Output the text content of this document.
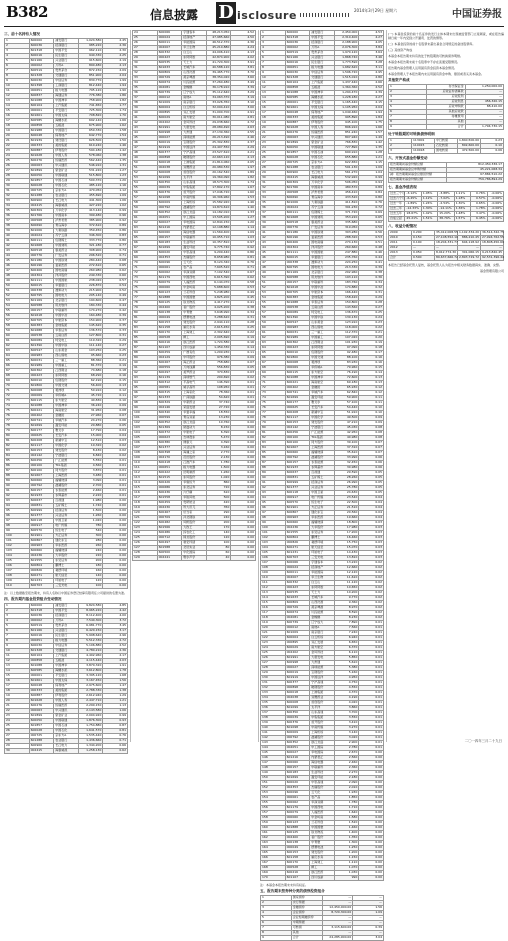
B382	信息披露 D isclosure	2014年3月29日 星期六	中国证券报
三、前十名持有人情况
1	600000	浦发银行	1,024,580	2.45
2	600036	招商银行	985,220	2.36
3	601318	中国平安	962,110	2.30
4	600016	民生银行	940,330	2.25
5	601166	兴业银行	915,600	2.19
6	000002	万科A	890,480	2.13
7	600519	贵州茅台	872,150	2.09
8	601328	交通银行	851,900	2.04
9	600030	中信证券	830,770	1.99
10	601398	工商银行	812,440	1.94
11	000651	格力电器	795,120	1.90
12	600837	海通证券	776,380	1.86
13	601088	中国神华	758,900	1.82
14	600104	上汽集团	741,650	1.77
15	000001	平安银行	725,300	1.74
16	601601	中国太保	708,820	1.70
17	600585	海螺水泥	692,140	1.66
18	000858	五粮液	675,900	1.62
19	601988	中国银行	659,330	1.58
20	600048	保利地产	642,770	1.54
21	601939	建设银行	626,500	1.50
22	000333	美的集团	610,240	1.46
23	600887	伊利股份	594,180	1.42
24	601628	中国人寿	578,060	1.38
25	600276	恒瑞医药	562,440	1.35
26	000063	中兴通讯	546,910	1.31
27	601899	紫金矿业	531,220	1.27
28	600050	中国联通	515,800	1.23
29	601857	中国石油	500,370	1.20
30	600028	中国石化	485,120	1.16
31	000725	京东方A	470,050	1.12
32	601288	农业银行	455,690	1.09
33	600900	长江电力	441,300	1.06
34	002415	海康威视	427,220	1.02
35	600309	万华化学	413,140	0.99
36	601766	中国南车	399,480	0.96
37	000568	泸州老窖	385,900	0.92
38	600690	青岛海尔	372,610	0.89
39	601006	大秦铁路	359,450	0.86
40	002024	苏宁云商	346,300	0.83
41	600111	包钢稀土	333,770	0.80
42	601668	中国建筑	321,180	0.77
43	600518	康美药业	308,900	0.74
44	000776	广发证券	296,520	0.71
45	601186	中国铁建	284,440	0.68
46	600196	复星医药	272,610	0.65
47	600406	国电南瑞	260,980	0.62
48	002304	洋河股份	249,330	0.60
49	601111	中国国航	238,020	0.57
50	600015	华夏银行	226,870	0.54
51	000338	潍柴动力	215,900	0.52
52	600795	国电电力	205,140	0.49
53	601169	北京银行	194,600	0.47
54	600588	用友软件	184,330	0.44
55	000157	中联重科	174,270	0.42
56	601618	中国中冶	164,480	0.39
57	600705	中航资本	154,900	0.37
58	600383	金地集团	145,620	0.35
59	601688	华泰证券	136,570	0.33
60	000538	云南白药	127,800	0.31
61	600089	特变电工	119,320	0.29
62	601390	中国中铁	111,140	0.27
63	600547	山东黄金	103,250	0.25
64	000983	西山煤电	95,660	0.23
65	600031	三一重工	88,360	0.21
66	601989	中国重工	81,370	0.19
67	600362	江西铜业	74,680	0.18
68	000423	东阿阿胶	68,290	0.16
69	600010	包钢股份	62,190	0.15
70	601800	中国交建	56,400	0.13
71	600068	葛洲坝	50,910	0.12
72	000069	华侨城A	45,720	0.11
73	600115	东方航空	40,830	0.10
74	601088	中国神华	36,240	0.09
75	600221	海南航空	31,950	0.08
76	000402	金融街	27,960	0.07
77	600741	华域汽车	24,270	0.06
78	601699	潞安环能	20,880	0.05
79	600177	雅戈尔	17,790	0.04
80	000625	长安汽车	15,000	0.04
81	600208	新湖中宝	12,510	0.03
82	601117	中国化学	10,320	0.02
83	600153	建发股份	8,430	0.02
84	002142	宁波银行	6,840	0.02
85	600256	广汇能源	5,550	0.01
86	000100	TCL集团	4,560	0.01
87	600100	同方股份	3,870	0.01
88	601607	上海医药	3,480	0.01
89	600660	福耀玻璃	3,090	0.01
90	000792	盐湖股份	2,700	0.01
91	600157	永泰能源	2,460	0.01
92	601933	永辉超市	2,220	0.01
93	600637	百视通	1,980	0.00
94	000831	五矿稀土	1,740	0.00
95	600999	招商证券	1,500	0.00
96	601377	兴业证券	1,260	0.00
97	600118	中国卫星	1,020	0.00
98	000917	电广传媒	780	0.00
99	600570	恒生电子	540	0.00
100	601901	方正证券	300	0.00
101	600867	通化东宝	280	0.00
102	000963	华东医药	260	0.00
103	600660	福耀玻璃	240	0.00
104	002236	大华股份	220	0.00
105	601555	东吴证券	200	0.00
106	600804	鹏博士	180	0.00
107	000826	桑德环境	160	0.00
108	600271	航天信息	140	0.00
109	601231	环旭电子	120	0.00
110	600703	三安光电	100	0.00
注：以上数据截至报告期末，持有人名称以中国证券登记结算有限责任公司提供的名册为准。
四、报告期内基金投资组合变动情况
1	600000	浦发银行	9,824,580	4.85
2	601318	中国平安	8,965,220	4.42
3	600036	招商银行	8,112,400	4.00
4	000002	万科A	7,540,300	3.72
5	600519	贵州茅台	6,981,770	3.45
6	601166	兴业银行	6,420,150	3.17
7	600016	民生银行	5,998,640	2.96
8	000651	格力电器	5,512,330	2.72
9	600030	中信证券	5,106,880	2.52
10	601328	交通银行	4,780,210	2.36
11	600104	上汽集团	4,402,960	2.17
12	000858	五粮液	4,115,440	2.03
13	601088	中国神华	3,870,320	1.91
14	600585	海螺水泥	3,612,800	1.78
15	000001	平安银行	3,395,120	1.68
16	601601	中国太保	3,167,450	1.56
17	600048	保利地产	2,975,600	1.47
18	000333	美的集团	2,788,330	1.38
19	600887	伊利股份	2,612,940	1.29
20	601628	中国人寿	2,447,710	1.21
21	600276	恒瑞医药	2,290,150	1.13
22	000063	中兴通讯	2,143,580	1.06
23	601899	紫金矿业	2,004,920	0.99
24	600050	中国联通	1,876,300	0.93
25	601857	中国石油	1,754,880	0.87
26	600028	中国石化	1,641,570	0.81
27	000725	京东方A	1,535,440	0.76
28	601288	农业银行	1,436,660	0.71
29	600900	长江电力	1,344,200	0.66
30	002415	海康威视	1,258,130	0.62
24	600066	宇通客车	48,213,050	4.52
25	000024	招商地产	47,985,660	4.50
26	600011	华能国际	46,512,370	4.36
27	002007	华兰生物	45,210,880	4.24
28	600332	白云山	44,006,410	4.13
29	000423	东阿阿胶	42,874,900	4.02
30	600535	天士力	41,720,300	3.91
31	601633	长城汽车	40,588,120	3.81
32	600809	山西汾酒	39,465,770	3.70
33	000729	燕京啤酒	38,354,020	3.60
34	600674	川投能源	37,260,480	3.49
35	002081	金螳螂	36,178,910	3.39
36	600739	辽宁成大	35,112,640	3.29
37	000012	南玻A	34,063,370	3.19
38	601009	南京银行	33,026,350	3.10
39	600004	白云机场	32,004,410	3.00
40	000895	双汇发展	31,000,700	2.91
41	600029	南方航空	30,011,080	2.81
42	002202	金风科技	29,038,660	2.72
43	601991	大唐发电	28,080,490	2.63
44	600998	九州通	27,139,360	2.55
45	000027	深圳能源	26,213,490	2.46
46	600019	宝钢股份	25,302,830	2.37
47	601919	中国远洋	24,407,550	2.29
48	600377	宁沪高速	23,527,610	2.21
49	000898	鞍钢股份	22,663,120	2.13
50	600018	上港集团	21,814,060	2.05
51	002038	双鹭药业	20,980,530	1.97
52	600008	首创股份	20,162,540	1.89
53	601099	太平洋	19,360,090	1.82
54	600350	山东高速	18,573,300	1.74
55	000039	中集集团	17,802,170	1.67
56	600376	首开股份	17,046,720	1.60
57	601098	中南传媒	16,306,960	1.53
58	600009	上海机场	15,582,920	1.46
59	000792	盐湖股份	14,874,610	1.40
60	600352	浙江龙盛	14,182,010	1.33
61	002051	中工国际	13,505,200	1.27
62	600027	华电国际	12,844,150	1.20
63	601216	内蒙君正	12,198,880	1.14
64	600060	海信电器	11,569,400	1.09
65	000157	中联重科	10,955,710	1.03
66	600183	生益科技	10,357,810	0.97
67	601699	潞安环能	9,775,740	0.92
68	600020	中原高速	9,209,440	0.86
69	002353	杰瑞股份	8,658,980	0.81
70	600096	云天化	8,124,340	0.76
71	000061	农产品	7,605,520	0.71
72	600062	华润双鹤	7,102,540	0.67
73	601179	中国西电	6,615,390	0.62
74	600079	人福医药	6,144,070	0.58
75	000060	中金岭南	5,688,600	0.53
76	600123	兰花科创	5,248,980	0.49
77	601888	中国国旅	4,825,200	0.45
78	600125	铁龙物流	4,417,270	0.41
79	002400	省广股份	4,025,200	0.38
80	600138	中青旅	3,648,990	0.34
81	000049	德赛电池	3,288,620	0.31
82	600153	建发股份	2,944,110	0.28
83	601158	重庆水务	2,615,450	0.25
84	600170	上海建工	2,302,640	0.22
85	000528	柳工	2,005,690	0.19
86	600216	浙江医药	1,724,580	0.16
87	601107	四川成渝	1,459,330	0.14
88	600259	广晟有色	1,209,930	0.11
89	002129	中环股份	976,380	0.09
90	600267	海正药业	758,680	0.07
91	000559	万向钱潮	556,830	0.05
92	600297	美罗药业	370,830	0.03
93	601139	深圳燃气	200,690	0.02
94	600312	平高电气	146,390	0.01
95	000581	威孚高科	108,950	0.01
96	600315	上海家化	78,360	0.01
97	601333	广深铁路	54,620	0.01
98	600329	中新药业	37,740	0.00
99	002146	荣盛发展	27,720	0.00
100	600340	华夏幸福	18,550	0.00
101	000599	青岛双星	13,230	0.00
102	600352	浙江龙盛	10,760	0.00
103	601369	陕鼓动力	8,150	0.00
104	600372	中航电子	6,390	0.00
105	000623	吉林敖东	5,470	0.00
106	600380	健康元	4,390	0.00
107	601377	兴业证券	3,160	0.00
108	600398	海澜之家	2,770	0.00
109	002170	芭田股份	2,130	0.00
110	600418	江淮汽车	1,780	0.00
111	000651	格力电器	1,500	0.00
112	600422	昆明制药	1,260	0.00
113	601515	东风股份	1,020	0.00
114	600426	华鲁恒升	860	0.00
115	000686	东北证券	720	0.00
116	600436	片仔癀	610	0.00
117	601558	华锐风电	500	0.00
118	600459	贵研铂业	420	0.00
119	002230	科大讯飞	350	0.00
120	600467	好当家	290	0.00
121	000709	河北钢铁	240	0.00
122	600482	风帆股份	200	0.00
123	601566	九牧王	170	0.00
124	600486	扬农化工	140	0.00
125	000712	锦龙股份	120	0.00
126	600497	驰宏锌锗	100	0.00
127	601588	北辰实业	80	0.00
128	600500	中化国际	60	0.00
129	002241	歌尔声学	40	0.00
1	600000	浦发银行	2,450,000	4.53
2	601318	中国平安	2,310,400	4.27
3	600036	招商银行	2,188,900	4.05
4	000002	万科A	2,076,300	3.84
5	600519	贵州茅台	1,970,120	3.64
6	601166	兴业银行	1,868,740	3.46
7	600016	民生银行	1,773,590	3.28
8	000651	格力电器	1,682,620	3.11
9	600030	中信证券	1,596,720	2.95
10	601328	交通银行	1,515,010	2.80
11	600104	上汽集团	1,437,440	2.66
12	000858	五粮液	1,364,360	2.52
13	601088	中国神华	1,294,470	2.39
14	600585	海螺水泥	1,228,180	2.27
15	000001	平安银行	1,165,440	2.15
16	601601	中国太保	1,105,950	2.04
17	600048	保利地产	1,049,460	1.94
18	000333	美的集团	995,890	1.84
19	600887	伊利股份	945,100	1.75
20	601628	中国人寿	896,910	1.66
21	600276	恒瑞医药	851,240	1.57
22	000063	中兴通讯	807,940	1.49
23	601899	紫金矿业	766,830	1.42
24	600050	中国联通	727,890	1.35
25	601857	中国石油	690,910	1.28
26	600028	中国石化	655,880	1.21
27	000725	京东方A	622,650	1.15
28	601288	农业银行	591,130	1.09
29	600900	长江电力	561,270	1.04
30	002415	海康威视	532,920	0.99
31	600309	万华化学	506,050	0.94
32	601766	中国南车	480,570	0.89
33	000568	泸州老窖	456,410	0.84
34	600690	青岛海尔	433,520	0.80
35	601006	大秦铁路	411,810	0.76
36	002024	苏宁云商	391,230	0.72
37	600111	包钢稀土	371,720	0.69
38	601668	中国建筑	353,220	0.65
39	600518	康美药业	335,680	0.62
40	000776	广发证券	319,050	0.59
41	601186	中国铁建	303,280	0.56
42	600196	复星医药	288,320	0.53
43	600406	国电南瑞	274,130	0.51
44	002304	洋河股份	260,660	0.48
45	601111	中国国航	247,880	0.46
46	600015	华夏银行	235,760	0.44
47	000338	潍柴动力	224,250	0.41
48	600795	国电电力	213,330	0.39
49	601169	北京银行	202,960	0.38
50	600588	用友软件	193,110	0.36
51	000157	中联重科	183,760	0.34
52	601618	中国中冶	174,880	0.32
53	600705	中航资本	166,440	0.31
54	600383	金地集团	158,420	0.29
55	601688	华泰证券	150,800	0.28
56	000538	云南白药	143,560	0.27
57	600089	特变电工	136,670	0.25
58	601390	中国中铁	130,130	0.24
59	600547	山东黄金	123,910	0.23
60	000983	西山煤电	118,000	0.22
61	600031	三一重工	112,370	0.21
62	601989	中国重工	107,020	0.20
63	600362	江西铜业	101,930	0.19
64	000423	东阿阿胶	97,090	0.18
65	600010	包钢股份	92,480	0.17
66	601800	中国交建	88,100	0.16
67	600068	葛洲坝	83,930	0.16
68	000069	华侨城A	79,960	0.15
69	600115	东方航空	76,190	0.14
70	601088	中国神华	72,600	0.13
71	600221	海南航空	69,180	0.13
72	000402	金融街	65,930	0.12
73	600741	华域汽车	62,840	0.12
74	601699	潞安环能	59,900	0.11
75	600177	雅戈尔	57,100	0.11
76	000625	长安汽车	54,440	0.10
77	600208	新湖中宝	51,910	0.10
78	601117	中国化学	49,500	0.09
79	600153	建发股份	47,210	0.09
80	002142	宁波银行	45,030	0.08
81	600256	广汇能源	42,950	0.08
82	000100	TCL集团	40,980	0.08
83	600100	同方股份	39,100	0.07
84	601607	上海医药	37,310	0.07
85	600660	福耀玻璃	35,610	0.07
86	000792	盐湖股份	33,990	0.06
87	600157	永泰能源	32,450	0.06
88	601933	永辉超市	30,980	0.06
89	600637	百视通	29,590	0.05
90	000831	五矿稀土	28,260	0.05
91	600999	招商证券	26,990	0.05
92	601377	兴业证券	25,780	0.05
93	600118	中国卫星	24,630	0.05
94	000917	电广传媒	23,540	0.04
95	600570	恒生电子	22,500	0.04
96	601901	方正证券	21,510	0.04
97	600867	通化东宝	20,560	0.04
98	000963	华东医药	19,660	0.04
99	600660	福耀玻璃	18,800	0.03
100	002236	大华股份	17,980	0.03
101	601555	东吴证券	17,200	0.03
102	600804	鹏博士	16,460	0.03
103	000826	桑德环境	15,750	0.03
104	600271	航天信息	15,070	0.03
105	601231	环旭电子	14,430	0.03
106	600703	三安光电	13,810	0.03
107	600066	宇通客车	13,220	0.02
108	000024	招商地产	12,660	0.02
109	600011	华能国际	12,120	0.02
110	002007	华兰生物	11,610	0.02
111	600332	白云山	11,120	0.02
112	000423	东阿阿胶	10,650	0.02
113	600535	天士力	10,200	0.02
114	601633	长城汽车	9,770	0.02
115	600809	山西汾酒	9,360	0.02
116	000729	燕京啤酒	8,970	0.02
117	600674	川投能源	8,590	0.02
118	002081	金螳螂	8,230	0.02
119	600739	辽宁成大	7,890	0.01
120	000012	南玻A	7,560	0.01
121	601009	南京银行	7,240	0.01
122	600004	白云机场	6,940	0.01
123	000895	双汇发展	6,650	0.01
124	600029	南方航空	6,370	0.01
125	002202	金风科技	6,110	0.01
126	601991	大唐发电	5,850	0.01
127	600998	九州通	5,610	0.01
128	000027	深圳能源	5,380	0.01
129	600019	宝钢股份	5,160	0.01
130	601919	中国远洋	4,950	0.01
131	600377	宁沪高速	4,750	0.01
132	000898	鞍钢股份	4,550	0.01
133	600018	上港集团	4,370	0.01
134	002038	双鹭药业	4,190	0.01
135	600008	首创股份	4,020	0.01
136	601099	太平洋	3,860	0.01
137	600350	山东高速	3,700	0.01
138	000039	中集集团	3,550	0.01
139	600376	首开股份	3,410	0.01
140	601098	中南传媒	3,270	0.01
141	600009	上海机场	3,140	0.01
142	000792	盐湖股份	3,020	0.01
143	600352	浙江龙盛	2,900	0.01
144	002051	中工国际	2,780	0.01
145	600027	华电国际	2,670	0.00
146	601216	内蒙君正	2,560	0.00
147	600060	海信电器	2,460	0.00
148	000157	中联重科	2,360	0.00
149	600183	生益科技	2,270	0.00
150	601699	潞安环能	2,180	0.00
151	600020	中原高速	2,090	0.00
152	002353	杰瑞股份	2,010	0.00
153	600096	云天化	1,930	0.00
154	000061	农产品	1,850	0.00
155	600062	华润双鹤	1,780	0.00
156	601179	中国西电	1,710	0.00
157	600079	人福医药	1,640	0.00
158	000060	中金岭南	1,580	0.00
159	600123	兰花科创	1,520	0.00
160	601888	中国国旅	1,460	0.00
161	600125	铁龙物流	1,400	0.00
162	002400	省广股份	1,350	0.00
163	600138	中青旅	1,300	0.00
164	000049	德赛电池	1,250	0.00
165	600153	建发股份	1,200	0.00
166	601158	重庆水务	1,150	0.00
167	600170	上海建工	1,110	0.00
168	000528	柳工	1,070	0.00
169	600216	浙江医药	1,030	0.00
170	601107	四川成渝	990	0.00
注：本基金本报告期末未持有权证。
五、报告期末按券种分类的债券投资组合
1	国家债券	—	—
2	央行票据	—	—
3	金融债券	12,450,000.00	1.56
4	企业债券	8,720,300.00	1.09
5	企业短期融资券	—	—
6	中期票据	—	—
7	可转债	3,115,600.00	0.39
8	其他	—	—
9	合计	24,285,900.00	3.04
(一) 本基金投资的前十名证券的发行主体本期未出现被监管部门立案调查，或在报告编制日前一年内受到公开谴责、处罚的情形。
(二) 本基金投资的前十名股票未超出基金合同规定的备选股票库。
(三) 其他资产构成
本基金本报告期末持有的处于转股期的可转换债券明细。
本基金本报告期末前十名股票中不存在流通受限情况。
报告期内基金管理人运用固有资金投资本基金情况。
本基金管理人于本报告期内未运用固有资金申购、赎回或者买卖本基金。
其他资产构成
1	存出保证金	1,250,000.00
2	应收证券清算款	—
3	应收股利	—
4	应收利息	456,320.15
5	应收申购款	88,410.00
6	其他应收款	—
7	待摊费用	—
8	其他	—
9	合计	1,794,730.15
处于转股期的可转换债券明细
1	113001	中行转债	1,840,500.00	0.23
2	110015	石化转债	802,600.00	0.10
3	110018	国电转债	472,500.00	0.06
六、开放式基金份额变动
报告期期初基金份额总额	812,450,336.17
报告期期间基金总申购份额	45,221,068.34
减：报告期期间基金总赎回份额	97,884,510.22
报告期期末基金份额总额	759,786,894.29
七、基金净值表现
过去三个月	-3.12%	1.05%	-3.88%	1.11%	0.76%	-0.06%
过去六个月	-6.45%	1.12%	-7.02%	1.18%	0.57%	-0.06%
过去一年	-1.89%	1.24%	-2.54%	1.30%	0.65%	-0.06%
过去三年	-12.33%	1.30%	-14.11%	1.36%	1.78%	-0.06%
过去五年	18.67%	1.42%	15.20%	1.48%	3.47%	-0.06%
自成立起	45.21%	1.51%	38.76%	1.57%	6.45%	-0.06%
八、收益分配情况
2009	0.200	35,412,008.55	1,102,334.20	36,514,342.75
2010	0.150	27,108,552.10	886,210.45	27,994,762.55
2011	0.100	18,204,331.77	604,118.92	18,808,450.69
2012	—	—	—	—
2013	0.050	8,912,774.30	301,066.15	9,213,840.45
合计	0.500	89,637,666.72	2,893,729.72	92,531,396.44
本报告已经基金托管人复核，基金托管人认为报告中相关财务数据真实、准确、完整。
基金管理有限公司
二〇一四年三月二十九日
